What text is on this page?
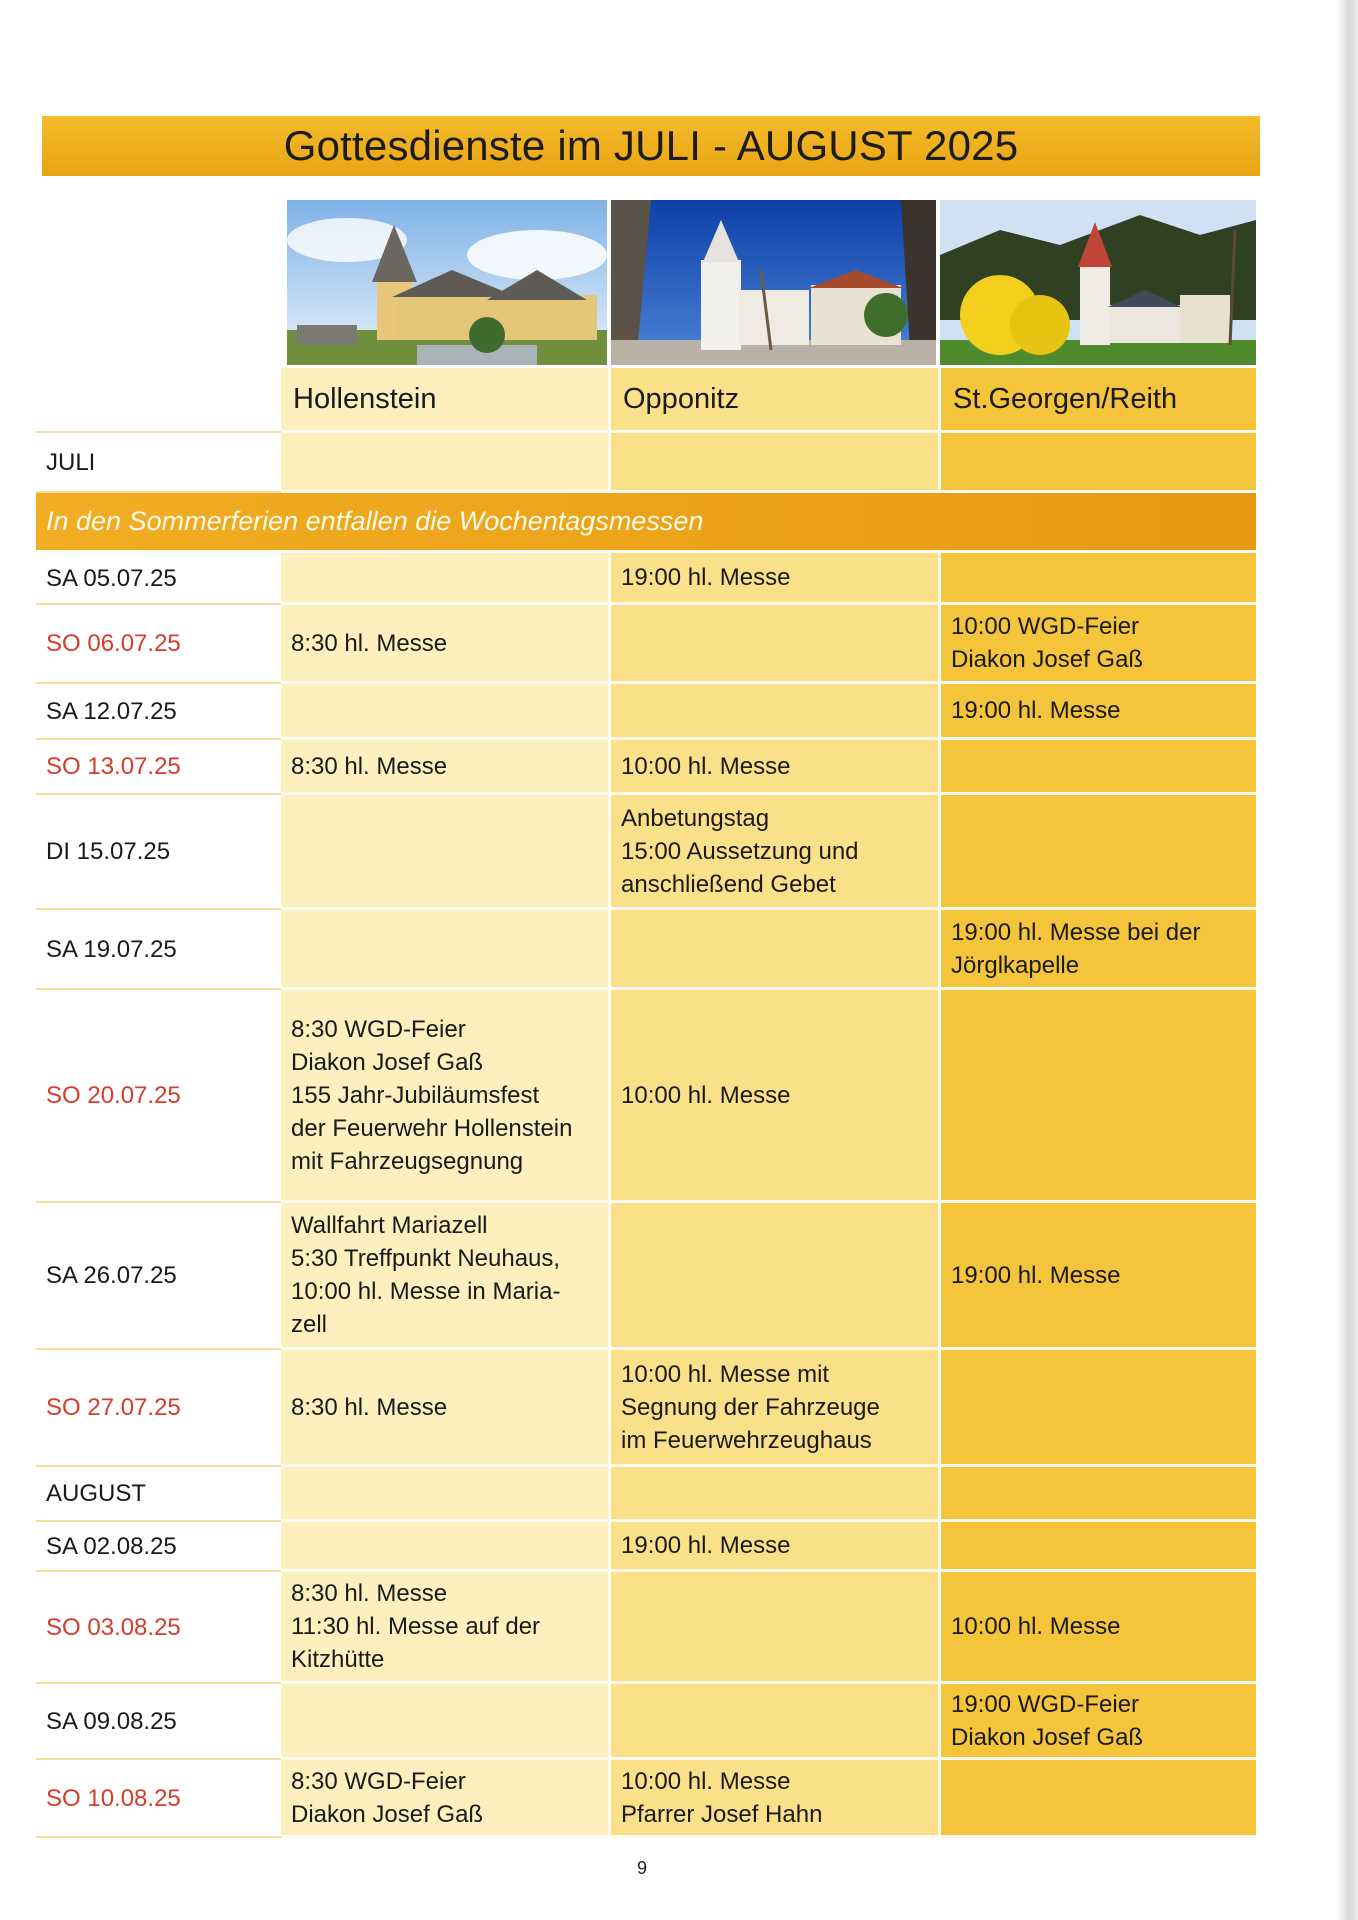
Gottesdienste im JULI - AUGUST 2025
	Hollenstein	Opponitz	St.Georgen/Reith
JULI			
In den Sommerferien entfallen die Wochentagsmessen			
SA 05.07.25		19:00 hl. Messe	
SO 06.07.25	8:30 hl. Messe		10:00 WGD-Feier
Diakon Josef Gaß
SA 12.07.25			19:00 hl. Messe
SO 13.07.25	8:30 hl. Messe	10:00 hl. Messe	
DI 15.07.25		Anbetungstag
15:00 Aussetzung und
anschließend Gebet	
SA 19.07.25			19:00 hl. Messe bei der
Jörglkapelle
SO 20.07.25	8:30 WGD-Feier
Diakon Josef Gaß
155 Jahr-Jubiläumsfest
der Feuerwehr Hollenstein
mit Fahrzeugsegnung	10:00 hl. Messe	
SA 26.07.25	Wallfahrt Mariazell
5:30 Treffpunkt Neuhaus,
10:00 hl. Messe in Maria-
zell		19:00 hl. Messe
SO 27.07.25	8:30 hl. Messe	10:00 hl. Messe mit
Segnung der Fahrzeuge
im Feuerwehrzeughaus	
AUGUST			
SA 02.08.25		19:00 hl. Messe	
SO 03.08.25	8:30 hl. Messe
11:30 hl. Messe auf der
Kitzhütte		10:00 hl. Messe
SA 09.08.25			19:00 WGD-Feier
Diakon Josef Gaß
SO 10.08.25	8:30 WGD-Feier
Diakon Josef Gaß	10:00 hl. Messe
Pfarrer Josef Hahn	
9
